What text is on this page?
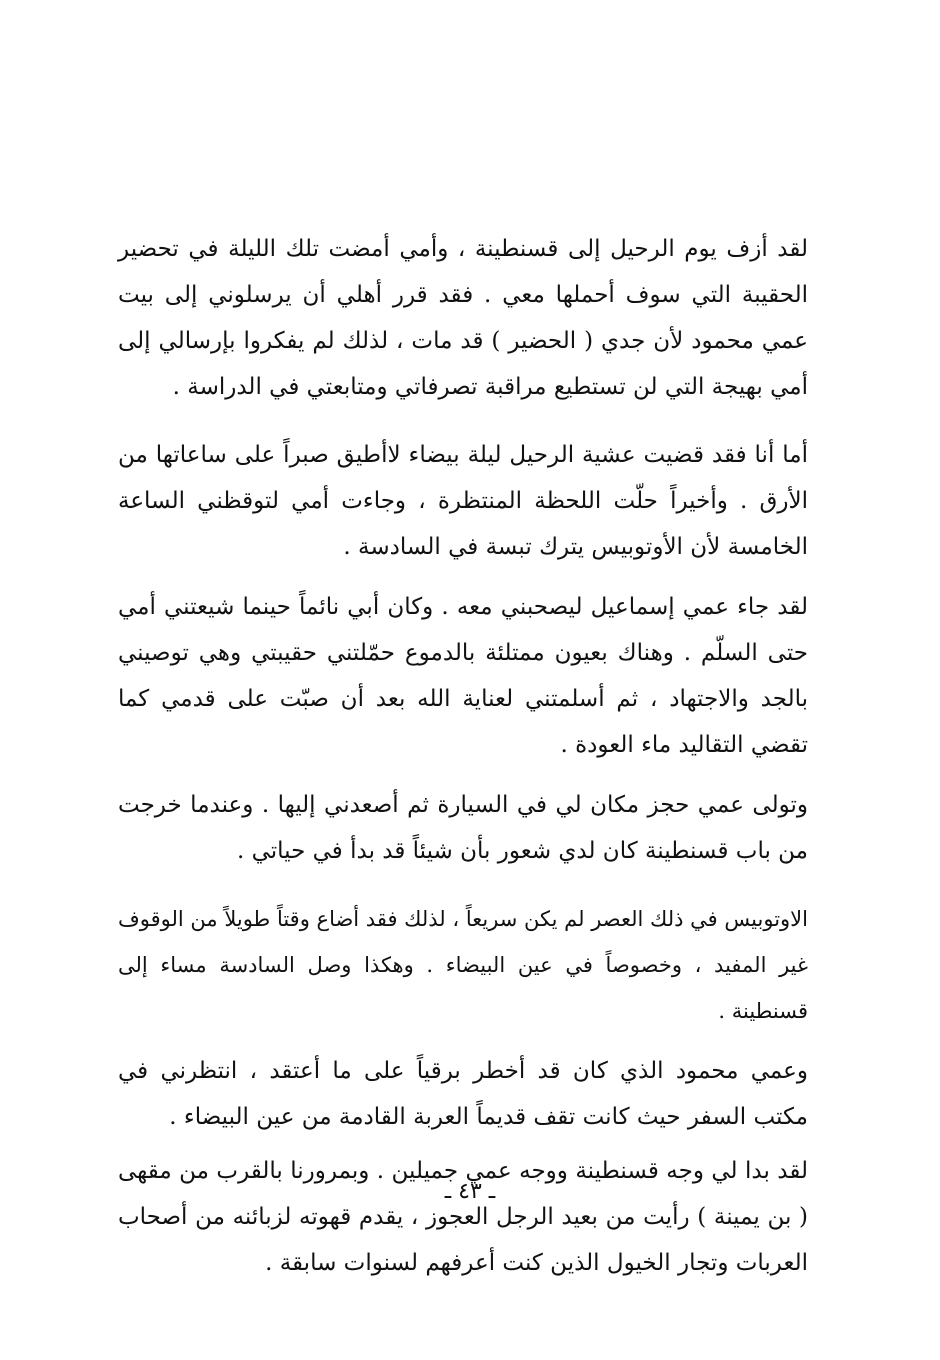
لقد أزف يوم الرحيل إلى قسنطينة ، وأمي أمضت تلك الليلة في تحضير الحقيبة التي سوف أحملها معي . فقد قرر أهلي أن يرسلوني إلى بيت عمي محمود لأن جدي ( الحضير ) قد مات ، لذلك لم يفكروا بإرسالي إلى أمي بهيجة التي لن تستطيع مراقبة تصرفاتي ومتابعتي في الدراسة .

أما أنا فقد قضيت عشية الرحيل ليلة بيضاء لاأطيق صبراً على ساعاتها من الأرق . وأخيراً حلّت اللحظة المنتظرة ، وجاءت أمي لتوقظني الساعة الخامسة لأن الأوتوبيس يترك تبسة في السادسة .

لقد جاء عمي إسماعيل ليصحبني معه . وكان أبي نائماً حينما شيعتني أمي حتى السلّم . وهناك بعيون ممتلئة بالدموع حمّلتني حقيبتي وهي توصيني بالجد والاجتهاد ، ثم أسلمتني لعناية الله بعد أن صبّت على قدمي كما تقضي التقاليد ماء العودة .

وتولى عمي حجز مكان لي في السيارة ثم أصعدني إليها . وعندما خرجت من باب قسنطينة كان لدي شعور بأن شيئاً قد بدأ في حياتي .

الاوتوبيس في ذلك العصر لم يكن سريعاً ، لذلك فقد أضاع وقتاً طويلاً من الوقوف غير المفيد ، وخصوصاً في عين البيضاء . وهكذا وصل السادسة مساء إلى قسنطينة .

وعمي محمود الذي كان قد أخطر برقياً على ما أعتقد ، انتظرني في مكتب السفر حيث كانت تقف قديماً العربة القادمة من عين البيضاء .

لقد بدا لي وجه قسنطينة ووجه عمي جميلين . وبمرورنا بالقرب من مقهى ( بن يمينة ) رأيت من بعيد الرجل العجوز ، يقدم قهوته لزبائنه من أصحاب العربات وتجار الخيول الذين كنت أعرفهم لسنوات سابقة .

ـ ٤٣ ـ
